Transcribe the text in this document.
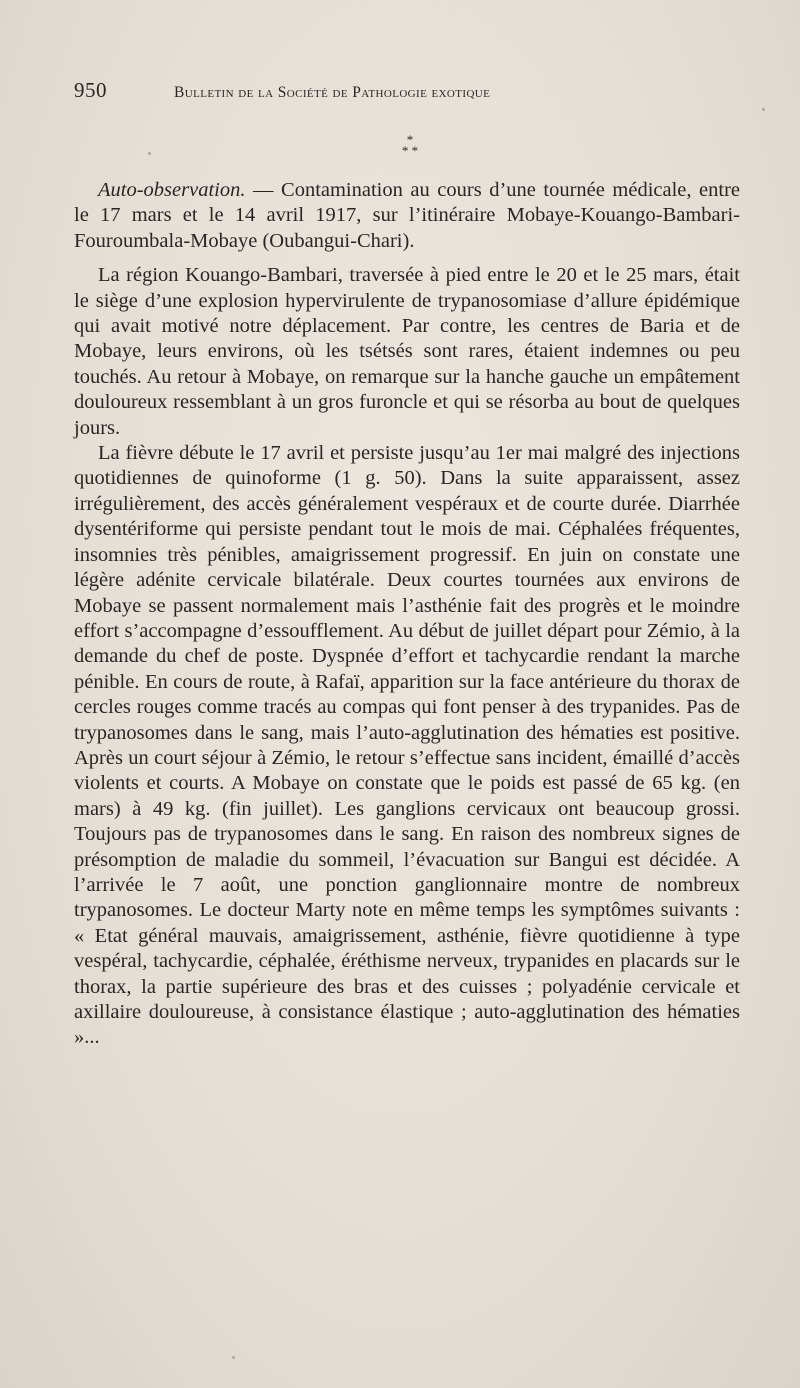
950	Bulletin de la Société de Pathologie exotique
*
* *

Auto-observation. — Contamination au cours d’une tournée médicale, entre le 17 mars et le 14 avril 1917, sur l’itinéraire Mobaye-Kouango-Bambari-Fouroumbala-Mobaye (Oubangui-Chari).

La région Kouango-Bambari, traversée à pied entre le 20 et le 25 mars, était le siège d’une explosion hypervirulente de trypanosomiase d’allure épidémique qui avait motivé notre déplacement. Par contre, les centres de Baria et de Mobaye, leurs environs, où les tsétsés sont rares, étaient indemnes ou peu touchés. Au retour à Mobaye, on remarque sur la hanche gauche un empâtement douloureux ressemblant à un gros furoncle et qui se résorba au bout de quelques jours.

La fièvre débute le 17 avril et persiste jusqu’au 1er mai malgré des injections quotidiennes de quinoforme (1 g. 50). Dans la suite apparaissent, assez irrégulièrement, des accès généralement vespéraux et de courte durée. Diarrhée dysentériforme qui persiste pendant tout le mois de mai. Céphalées fréquentes, insomnies très pénibles, amaigrissement progressif. En juin on constate une légère adénite cervicale bilatérale. Deux courtes tournées aux environs de Mobaye se passent normalement mais l’asthénie fait des progrès et le moindre effort s’accompagne d’essoufflement. Au début de juillet départ pour Zémio, à la demande du chef de poste. Dyspnée d’effort et tachycardie rendant la marche pénible. En cours de route, à Rafaï, apparition sur la face antérieure du thorax de cercles rouges comme tracés au compas qui font penser à des trypanides. Pas de trypanosomes dans le sang, mais l’auto-agglutination des hématies est positive. Après un court séjour à Zémio, le retour s’effectue sans incident, émaillé d’accès violents et courts. A Mobaye on constate que le poids est passé de 65 kg. (en mars) à 49 kg. (fin juillet). Les ganglions cervicaux ont beaucoup grossi. Toujours pas de trypanosomes dans le sang. En raison des nombreux signes de présomption de maladie du sommeil, l’évacuation sur Bangui est décidée. A l’arrivée le 7 août, une ponction ganglionnaire montre de nombreux trypanosomes. Le docteur Marty note en même temps les symptômes suivants : « Etat général mauvais, amaigrissement, asthénie, fièvre quotidienne à type vespéral, tachycardie, céphalée, éréthisme nerveux, trypanides en placards sur le thorax, la partie supérieure des bras et des cuisses ; polyadénie cervicale et axillaire douloureuse, à consistance élastique ; auto-agglutination des hématies »...
